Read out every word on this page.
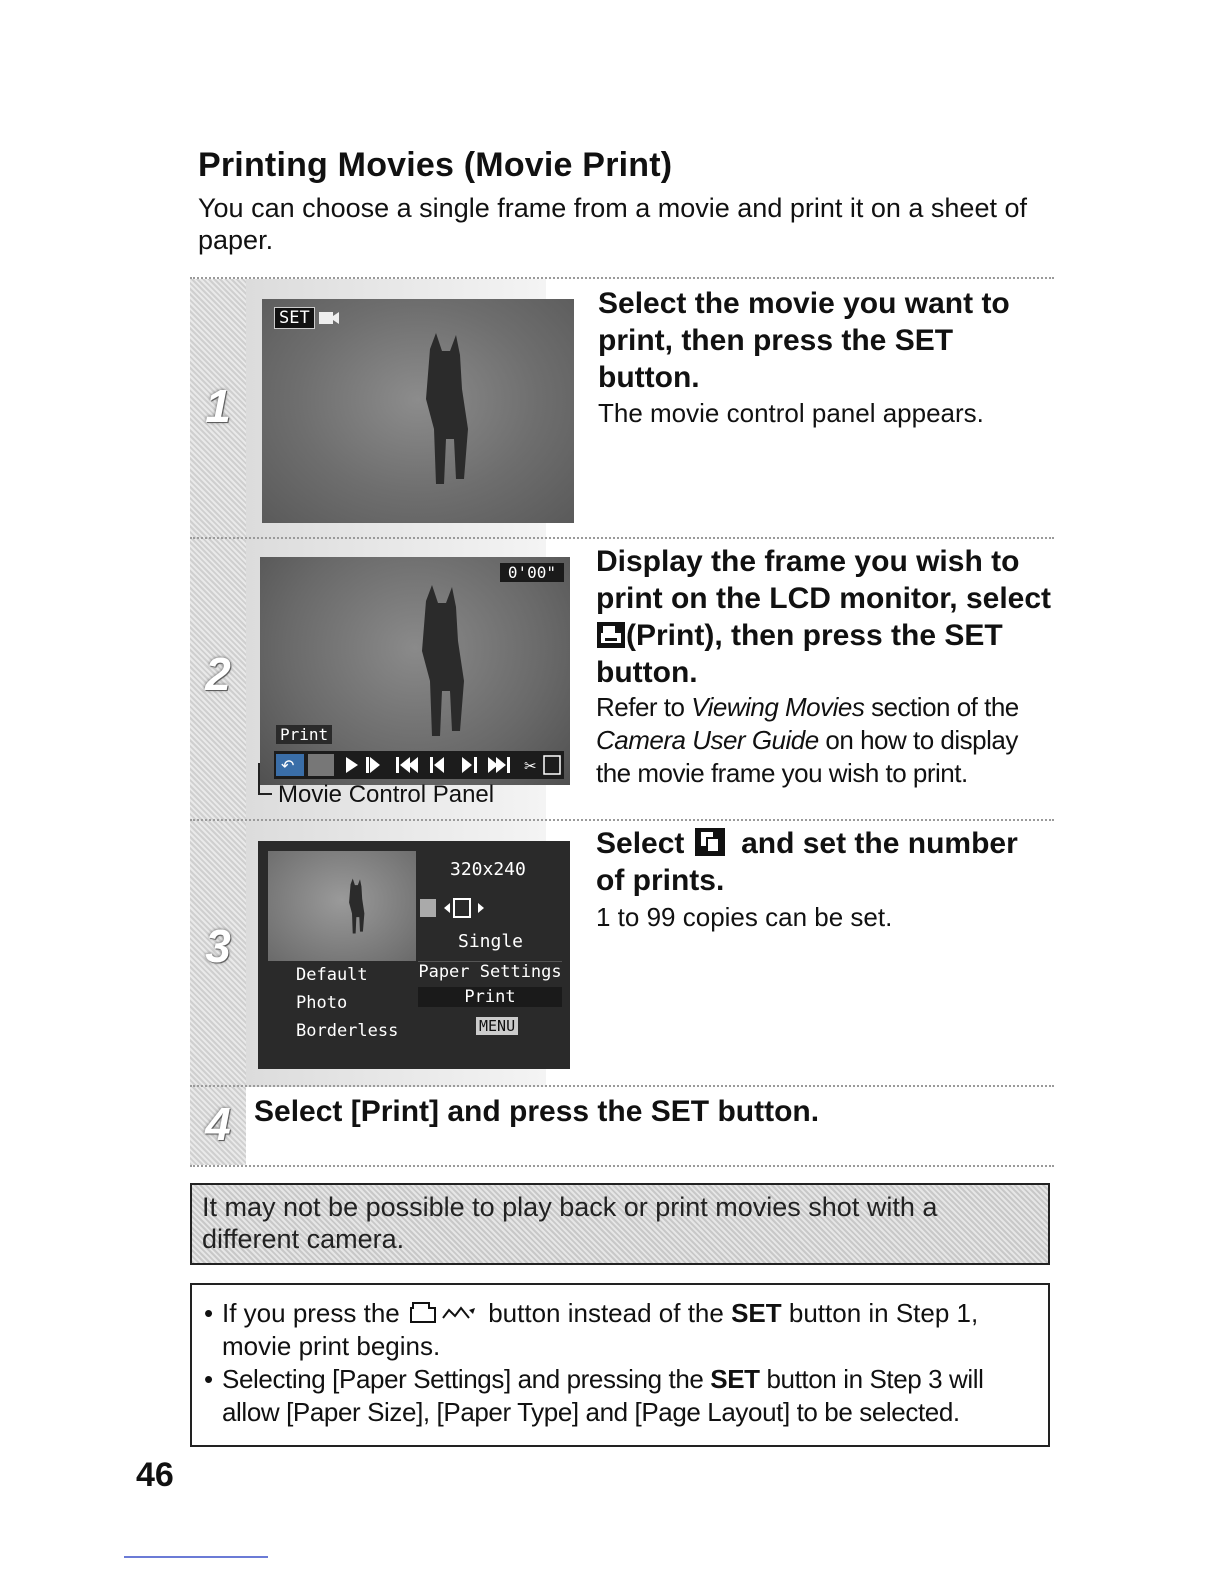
Printing Movies (Movie Print)

You can choose a single frame from a movie and print it on a sheet of paper.

1
SET	Select the movie you want to print, then press the SET button.

The movie control panel appears.

2
0'00"
Print
↶	✂
Movie Control Panel

Display the frame you wish to print on the LCD monitor, select (Print), then press the SET button.

Refer to Viewing Movies section of the Camera User Guide on how to display the movie frame you wish to print.

3
320x240
Single
Paper Settings
Print
MENU
Default
Photo
Borderless

Select  and set the number of prints.

1 to 99 copies can be set.

4 Select [Print] and press the SET button.

It may not be possible to play back or print movies shot with a different camera.
• If you press the	button instead of the SET button in Step 1, movie print begins.
• Selecting [Paper Settings] and pressing the SET button in Step 3 will allow [Paper Size], [Paper Type] and [Page Layout] to be selected.
46
